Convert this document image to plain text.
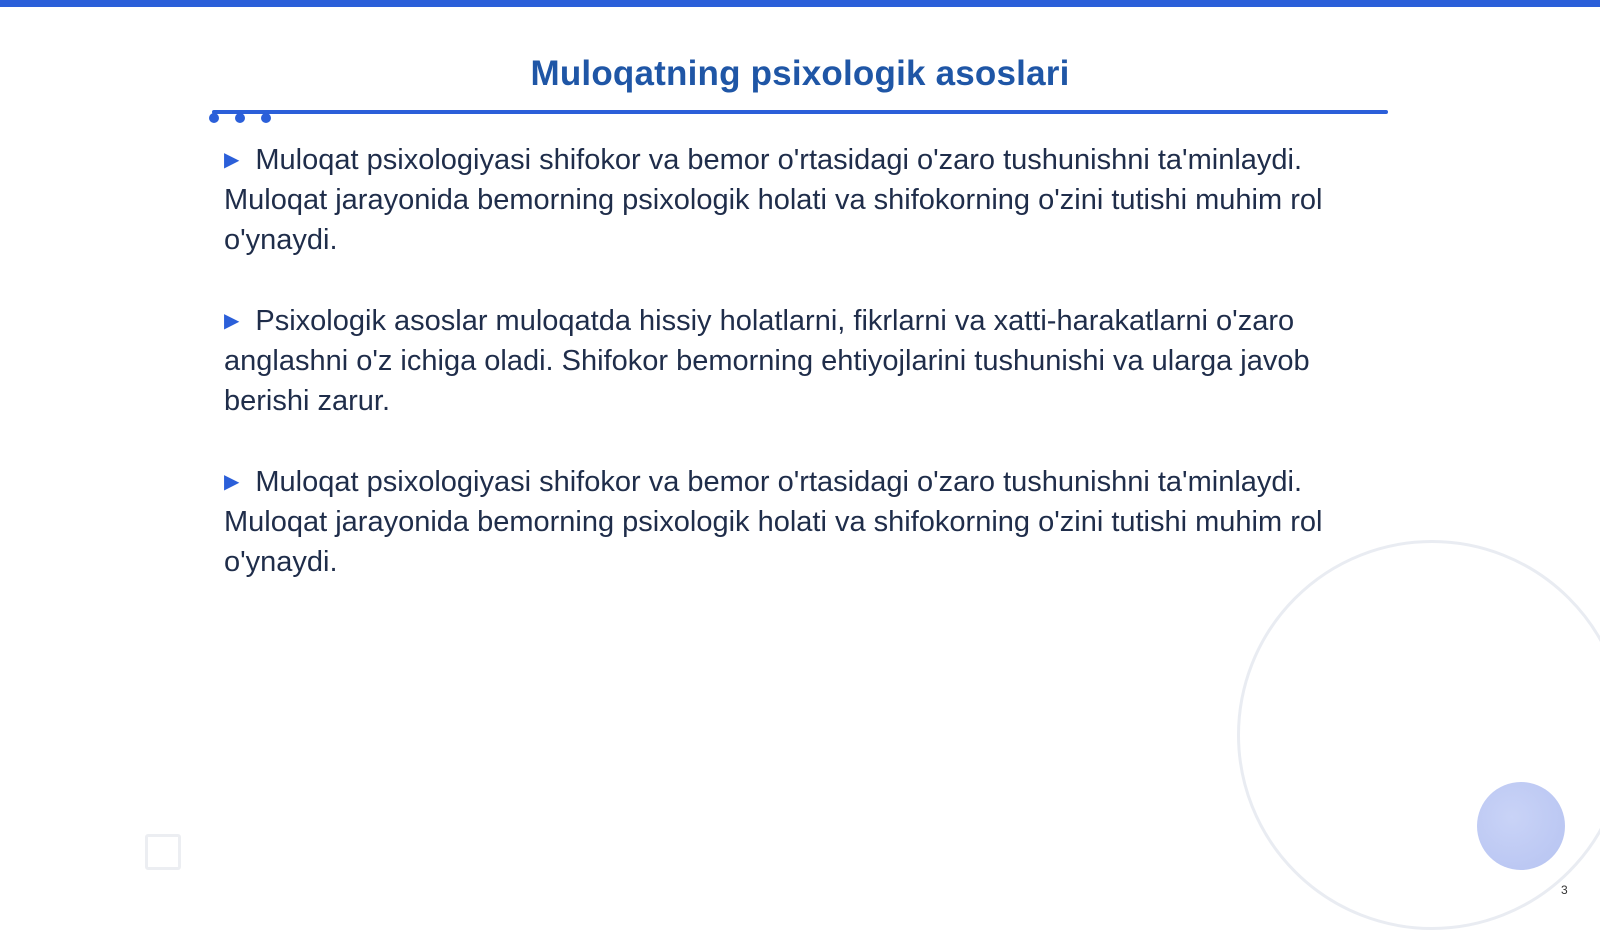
Muloqatning psixologik asoslari

▶ Muloqat psixologiyasi shifokor va bemor o'rtasidagi o'zaro tushunishni ta'minlaydi. Muloqat jarayonida bemorning psixologik holati va shifokorning o'zini tutishi muhim rol o'ynaydi.

▶ Psixologik asoslar muloqatda hissiy holatlarni, fikrlarni va xatti-harakatlarni o'zaro anglashni o'z ichiga oladi. Shifokor bemorning ehtiyojlarini tushunishi va ularga javob berishi zarur.

▶ Muloqat psixologiyasi shifokor va bemor o'rtasidagi o'zaro tushunishni ta'minlaydi. Muloqat jarayonida bemorning psixologik holati va shifokorning o'zini tutishi muhim rol o'ynaydi.

3
